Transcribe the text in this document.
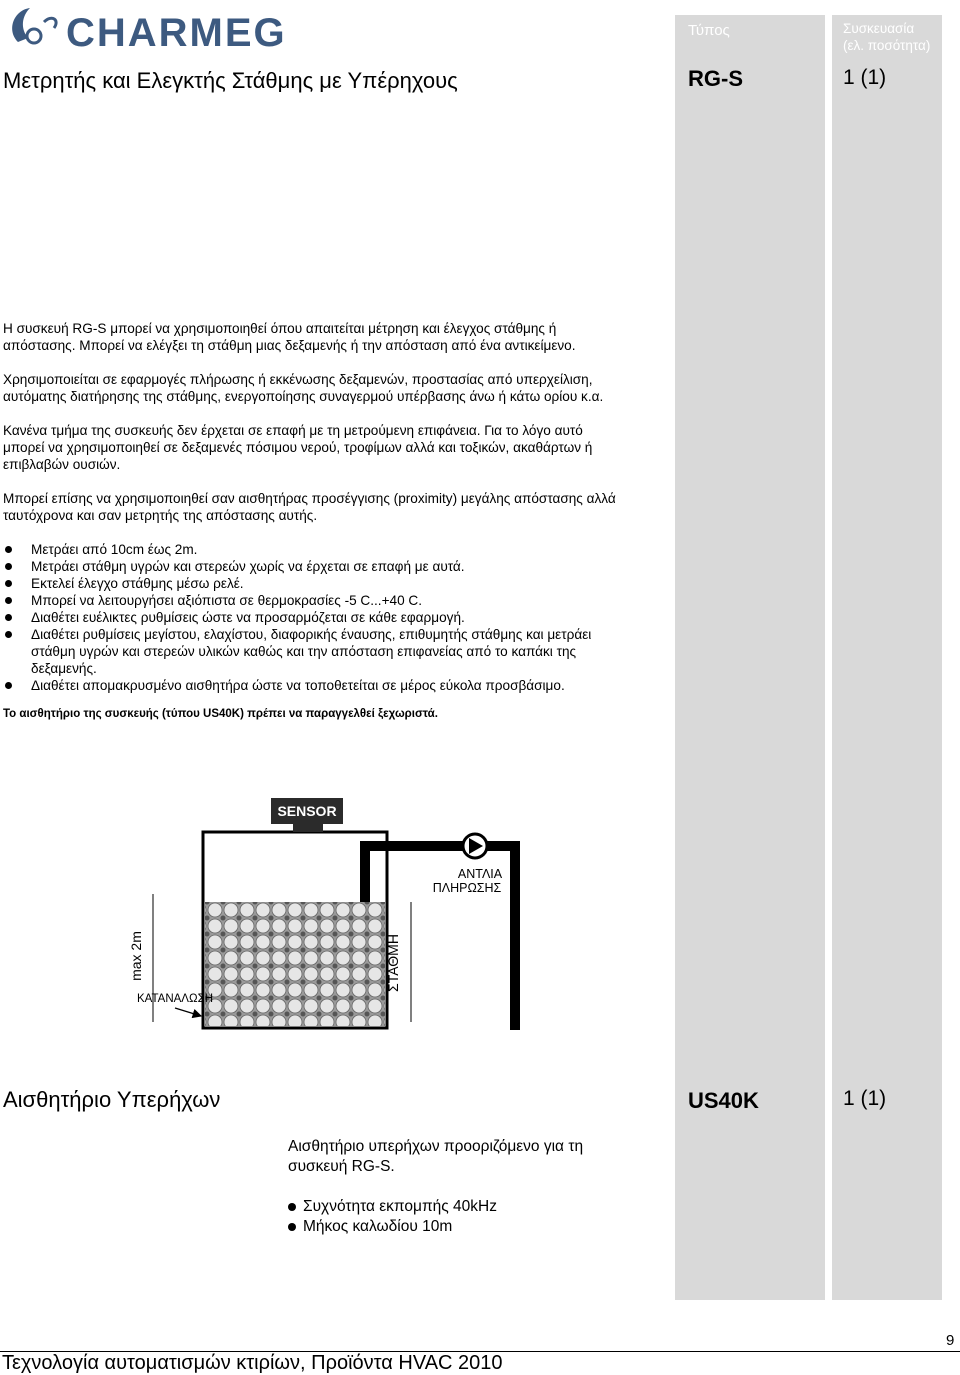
CHARMEG	Τύπος	Συσκευασία
(ελ. ποσότητα)
Μετρητής και Ελεγκτής Στάθμης με Υπέρηχους	RG-S	1 (1)

Η συσκευή RG-S μπορεί να χρησιμοποιηθεί όπου απαιτείται μέτρηση και έλεγχος στάθμης ή απόστασης. Μπορεί να ελέγξει τη στάθμη μιας δεξαμενής ή την απόσταση από ένα αντικείμενο.

Χρησιμοποιείται σε εφαρμογές πλήρωσης ή εκκένωσης δεξαμενών, προστασίας από υπερχείλιση, αυτόματης διατήρησης της στάθμης, ενεργοποίησης συναγερμού υπέρβασης άνω ή κάτω ορίου κ.α.

Κανένα τμήμα της συσκευής δεν έρχεται σε επαφή με τη μετρούμενη επιφάνεια. Για το λόγο αυτό μπορεί να χρησιμοποιηθεί σε δεξαμενές πόσιμου νερού, τροφίμων αλλά και τοξικών, ακαθάρτων ή επιβλαβών ουσιών.

Μπορεί επίσης να χρησιμοποιηθεί σαν αισθητήρας προσέγγισης (proximity) μεγάλης απόστασης αλλά ταυτόχρονα και σαν μετρητής της απόστασης αυτής.

Μετράει από 10cm έως 2m.
Μετράει στάθμη υγρών και στερεών χωρίς να έρχεται σε επαφή με αυτά.
Εκτελεί έλεγχο στάθμης μέσω ρελέ.
Μπορεί να λειτουργήσει αξιόπιστα σε θερμοκρασίες -5 C...+40 C.
Διαθέτει ευέλικτες ρυθμίσεις ώστε να προσαρμόζεται σε κάθε εφαρμογή.
Διαθέτει ρυθμίσεις μεγίστου, ελαχίστου, διαφορικής έναυσης, επιθυμητής στάθμης και μετράει στάθμη υγρών και στερεών υλικών καθώς και την απόσταση επιφανείας από το καπάκι της δεξαμενής.
Διαθέτει απομακρυσμένο αισθητήρα ώστε να τοποθετείται σε μέρος εύκολα προσβάσιμο.
Το αισθητήριο της συσκευής (τύπου US40K) πρέπει να παραγγελθεί ξεχωριστά.
SENSOR
ΑΝΤΛΙΑ
ΠΛΗΡΩΣΗΣ
max 2m	ΣΤΑΘΜΗ
ΚΑΤΑΝΑΛΩΣΗ
Αισθητήριο Υπερήχων	US40K	1 (1)
Αισθητήριο υπερήχων προοριζόμενο για τη συσκευή RG-S.
Συχνότητα εκπομπής 40kHz
Μήκος καλωδίου 10m
Τεχνολογία αυτοματισμών κτιρίων, Προϊόντα HVAC 2010
9
